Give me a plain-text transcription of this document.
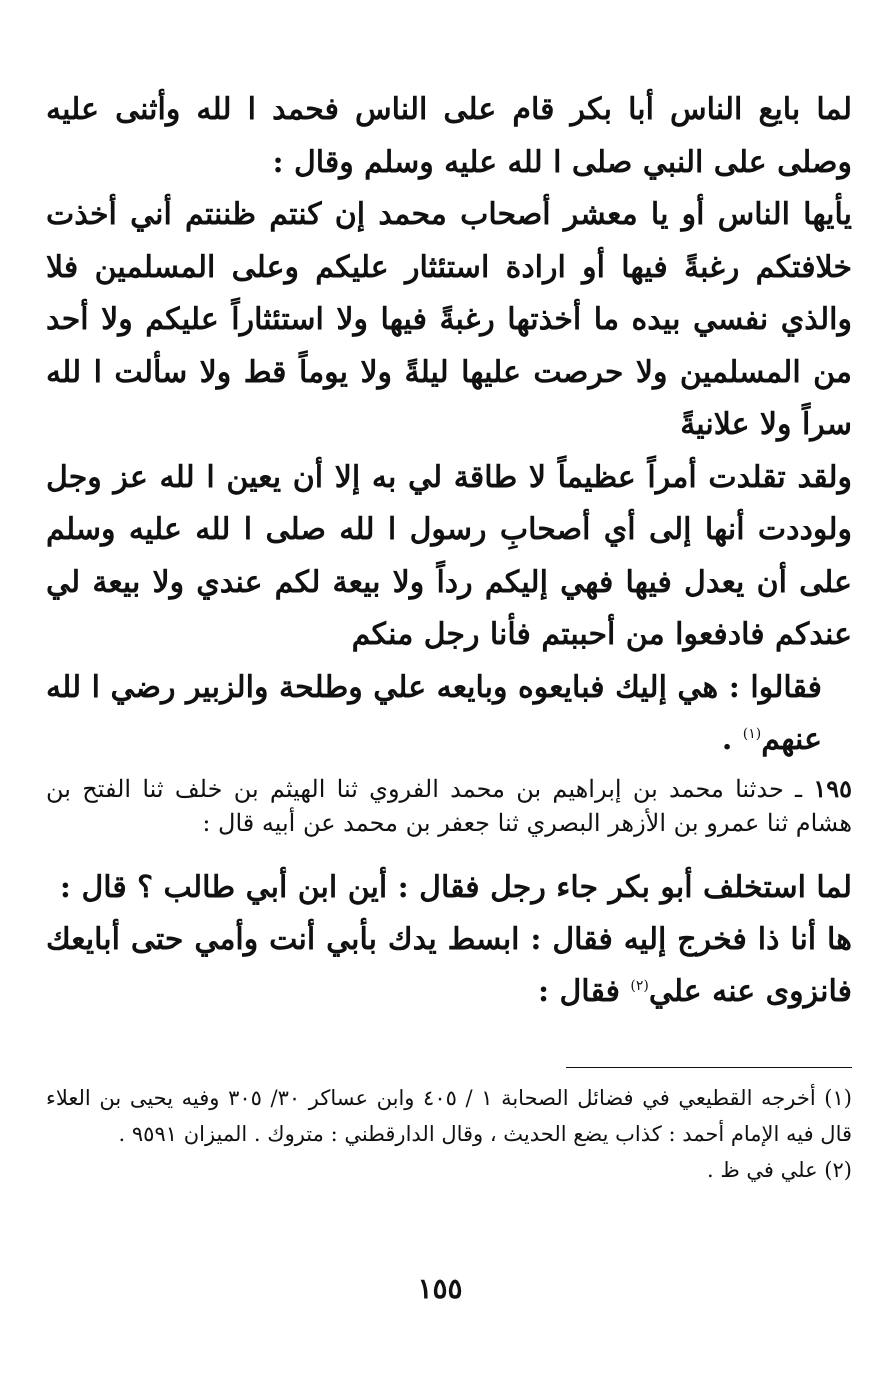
لما بايع الناس أبا بكر قام على الناس فحمد ا لله وأثنى عليه وصلى على النبي صلى ا لله عليه وسلم وقال :

يأيها الناس أو يا معشر أصحاب محمد إن كنتم ظننتم أني أخذت خلافتكم رغبةً فيها أو ارادة استئثار عليكم وعلى المسلمين فلا والذي نفسي بيده ما أخذتها رغبةً فيها ولا استئثاراً عليكم ولا أحد من المسلمين ولا حرصت عليها ليلةً ولا يوماً قط ولا سألت ا لله سراً ولا علانيةً

ولقد تقلدت أمراً عظيماً لا طاقة لي به إلا أن يعين ا لله عز وجل ولوددت أنها إلى أي أصحابِ رسول ا لله صلى ا لله عليه وسلم على أن يعدل فيها فهي إليكم رداً ولا بيعة لكم عندي ولا بيعة لي عندكم فادفعوا من أحببتم فأنا رجل منكم

فقالوا : هي إليك فبايعوه وبايعه علي وطلحة والزبير رضي ا لله عنهم$^{(١)}$ .

١٩٥ ـ حدثنا محمد بن إبراهيم بن محمد الفروي ثنا الهيثم بن خلف ثنا الفتح بن هشام ثنا عمرو بن الأزهر البصري ثنا جعفر بن محمد عن أبيه قال :

لما استخلف أبو بكر جاء رجل فقال : أين ابن أبي طالب ؟ قال :

ها أنا ذا فخرج إليه فقال : ابسط يدك بأبي أنت وأمي حتى أبايعك فانزوى عنه علي$^{(٢)}$ فقال :

(١) أخرجه القطيعي في فضائل الصحابة ١ / ٤٠٥ وابن عساكر ٣٠/ ٣٠٥ وفيه يحيى بن العلاء قال فيه الإمام أحمد : كذاب يضع الحديث ، وقال الدارقطني : متروك . الميزان ٩٥٩١ .

(٢) علي في ظ .

١٥٥
